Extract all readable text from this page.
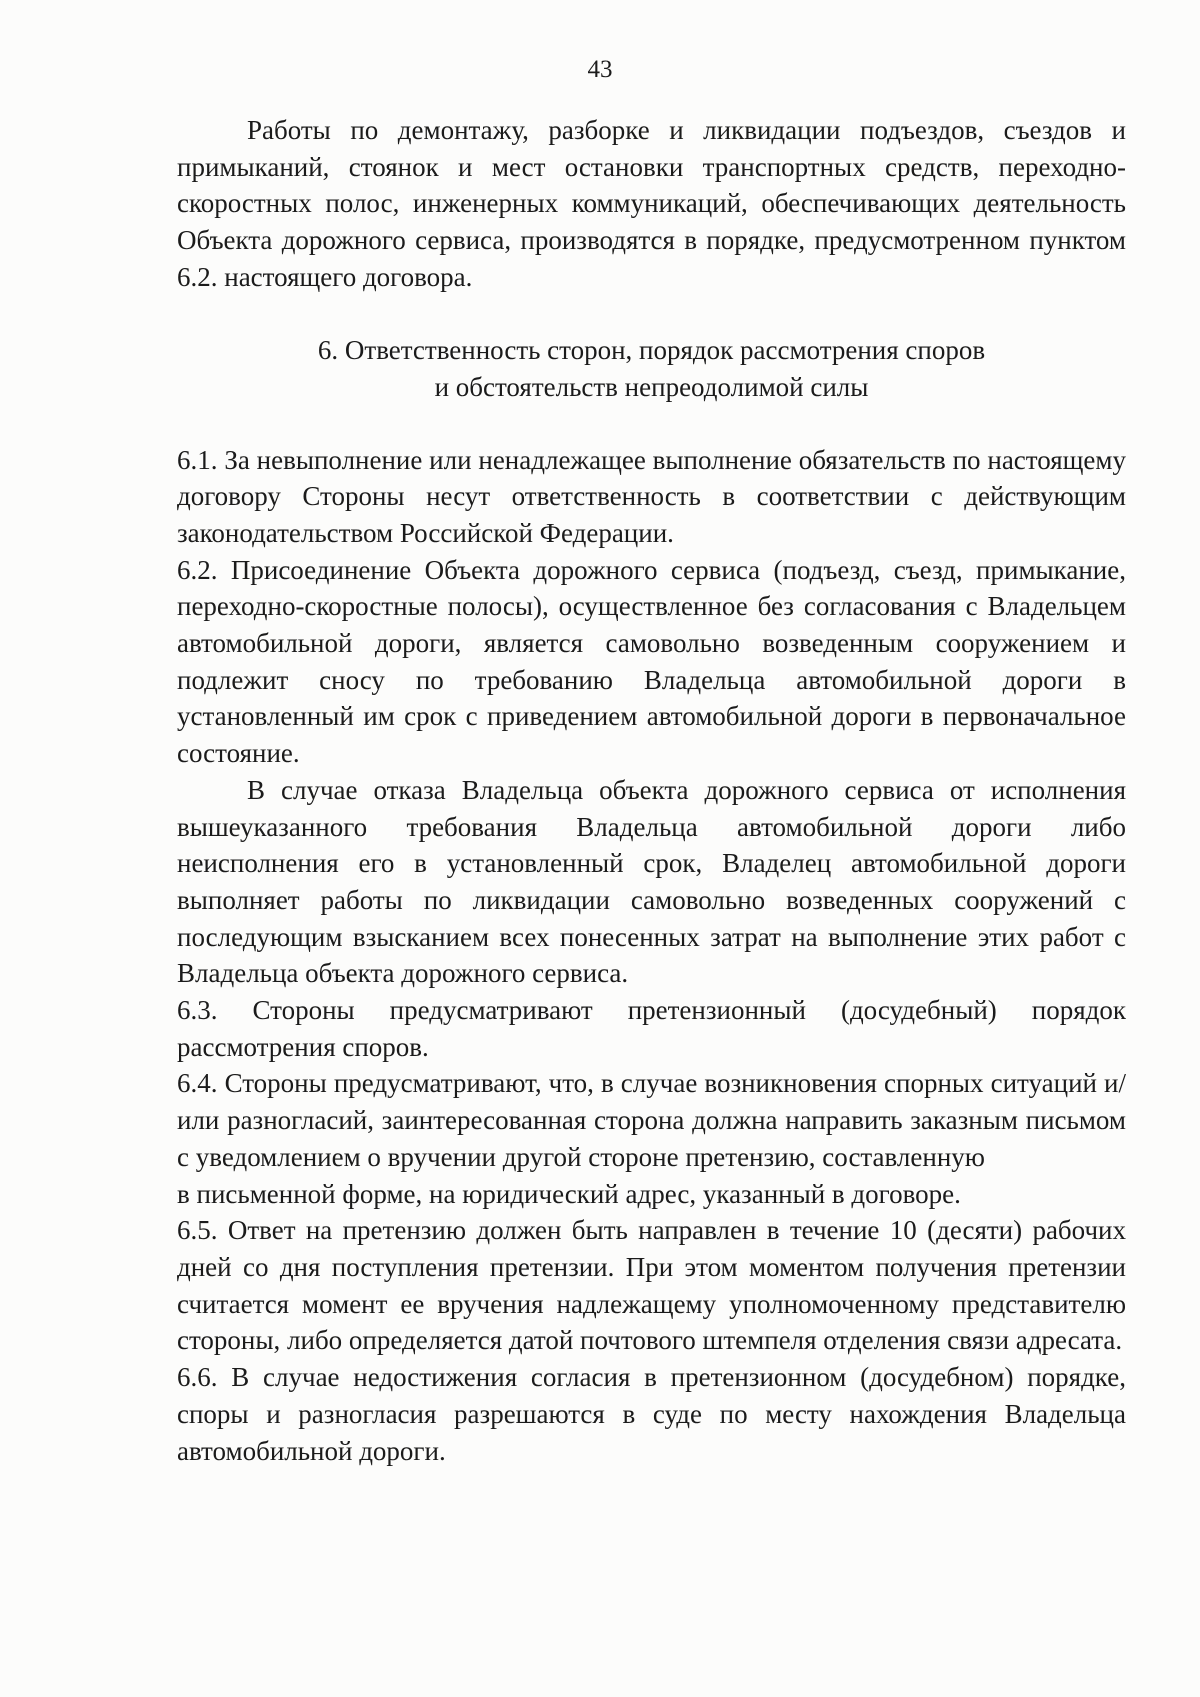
43

Работы по демонтажу, разборке и ликвидации подъездов, съездов и примыканий, стоянок и мест остановки транспортных средств, переходно-скоростных полос, инженерных коммуникаций, обеспечивающих деятельность Объекта дорожного сервиса, производятся в порядке, предусмотренном пунктом 6.2. настоящего договора.

6. Ответственность сторон, порядок рассмотрения споров
и обстоятельств непреодолимой силы

6.1. За невыполнение или ненадлежащее выполнение обязательств по настоящему договору Стороны несут ответственность в соответствии с действующим законодательством Российской Федерации.

6.2. Присоединение Объекта дорожного сервиса (подъезд, съезд, примыкание, переходно-скоростные полосы), осуществленное без согласования с Владельцем автомобильной дороги, является самовольно возведенным сооружением и подлежит сносу по требованию Владельца автомобильной дороги в установленный им срок с приведением автомобильной дороги в первоначальное состояние.

В случае отказа Владельца объекта дорожного сервиса от исполнения вышеуказанного требования Владельца автомобильной дороги либо неисполнения его в установленный срок, Владелец автомобильной дороги выполняет работы по ликвидации самовольно возведенных сооружений с последующим взысканием всех понесенных затрат на выполнение этих работ с Владельца объекта дорожного сервиса.

6.3. Стороны предусматривают претензионный (досудебный) порядок рассмотрения споров.

6.4. Стороны предусматривают, что, в случае возникновения спорных ситуаций и/или разногласий, заинтересованная сторона должна направить заказным письмом с уведомлением о вручении другой стороне претензию, составленную

в письменной форме, на юридический адрес, указанный в договоре.

6.5. Ответ на претензию должен быть направлен в течение 10 (десяти) рабочих дней со дня поступления претензии. При этом моментом получения претензии считается момент ее вручения надлежащему уполномоченному представителю стороны, либо определяется датой почтового штемпеля отделения связи адресата.

6.6. В случае недостижения согласия в претензионном (досудебном) порядке, споры и разногласия разрешаются в суде по месту нахождения Владельца автомобильной дороги.
